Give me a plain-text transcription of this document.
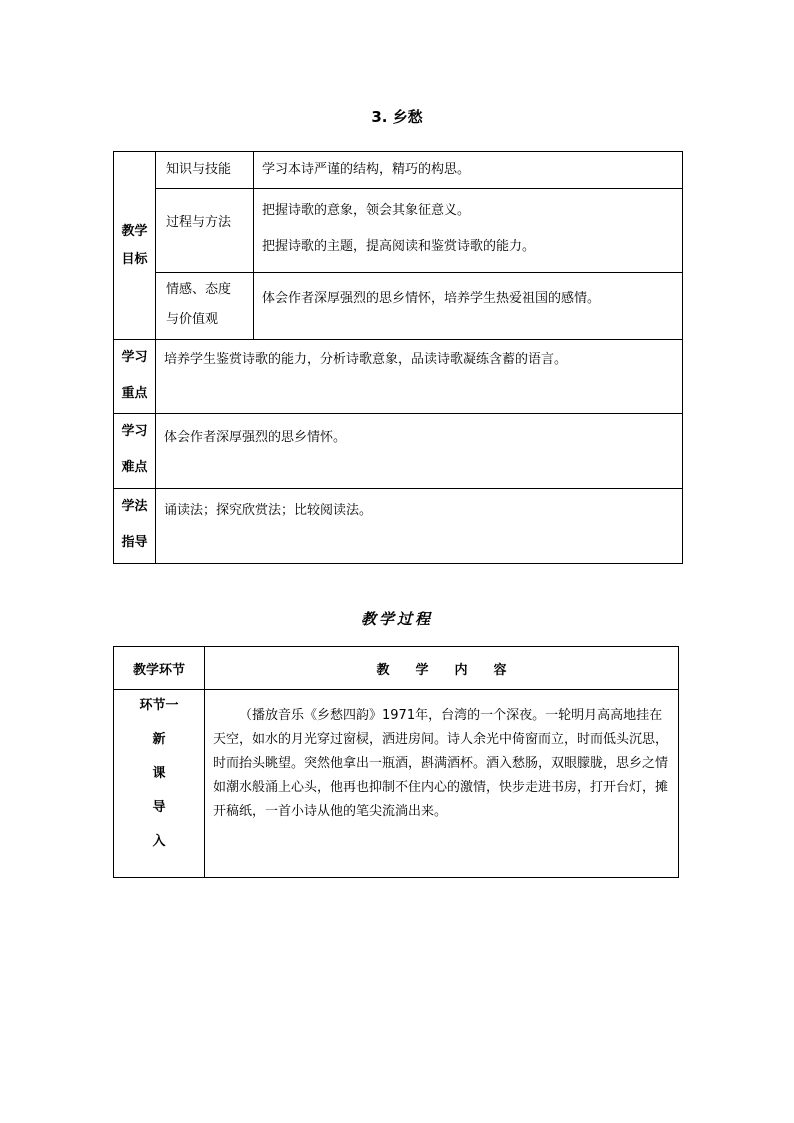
3. 乡愁
教学
目标	知识与技能	学习本诗严谨的结构，精巧的构思。

	过程与方法	把握诗歌的意象，领会其象征意义。

把握诗歌的主题，提高阅读和鉴赏诗歌的能力。

	情感、态度
与价值观	体会作者深厚强烈的思乡情怀，培养学生热爱祖国的感情。

学习
重点	培养学生鉴赏诗歌的能力，分析诗歌意象，品读诗歌凝练含蓄的语言。	

学习
难点	体会作者深厚强烈的思乡情怀。	

学法
指导	诵读法；探究欣赏法；比较阅读法。	
教学过程
教学环节	教　　学　　内　　容

环节一
新
课
导
入	（播放音乐《乡愁四韵》1971年，台湾的一个深夜。一轮明月高高地挂在天空，如水的月光穿过窗棂，洒进房间。诗人余光中倚窗而立，时而低头沉思，时而抬头眺望。突然他拿出一瓶酒，斟满酒杯。酒入愁肠，双眼朦胧，思乡之情如潮水般涌上心头，他再也抑制不住内心的激情，快步走进书房，打开台灯，摊开稿纸，一首小诗从他的笔尖流淌出来。
